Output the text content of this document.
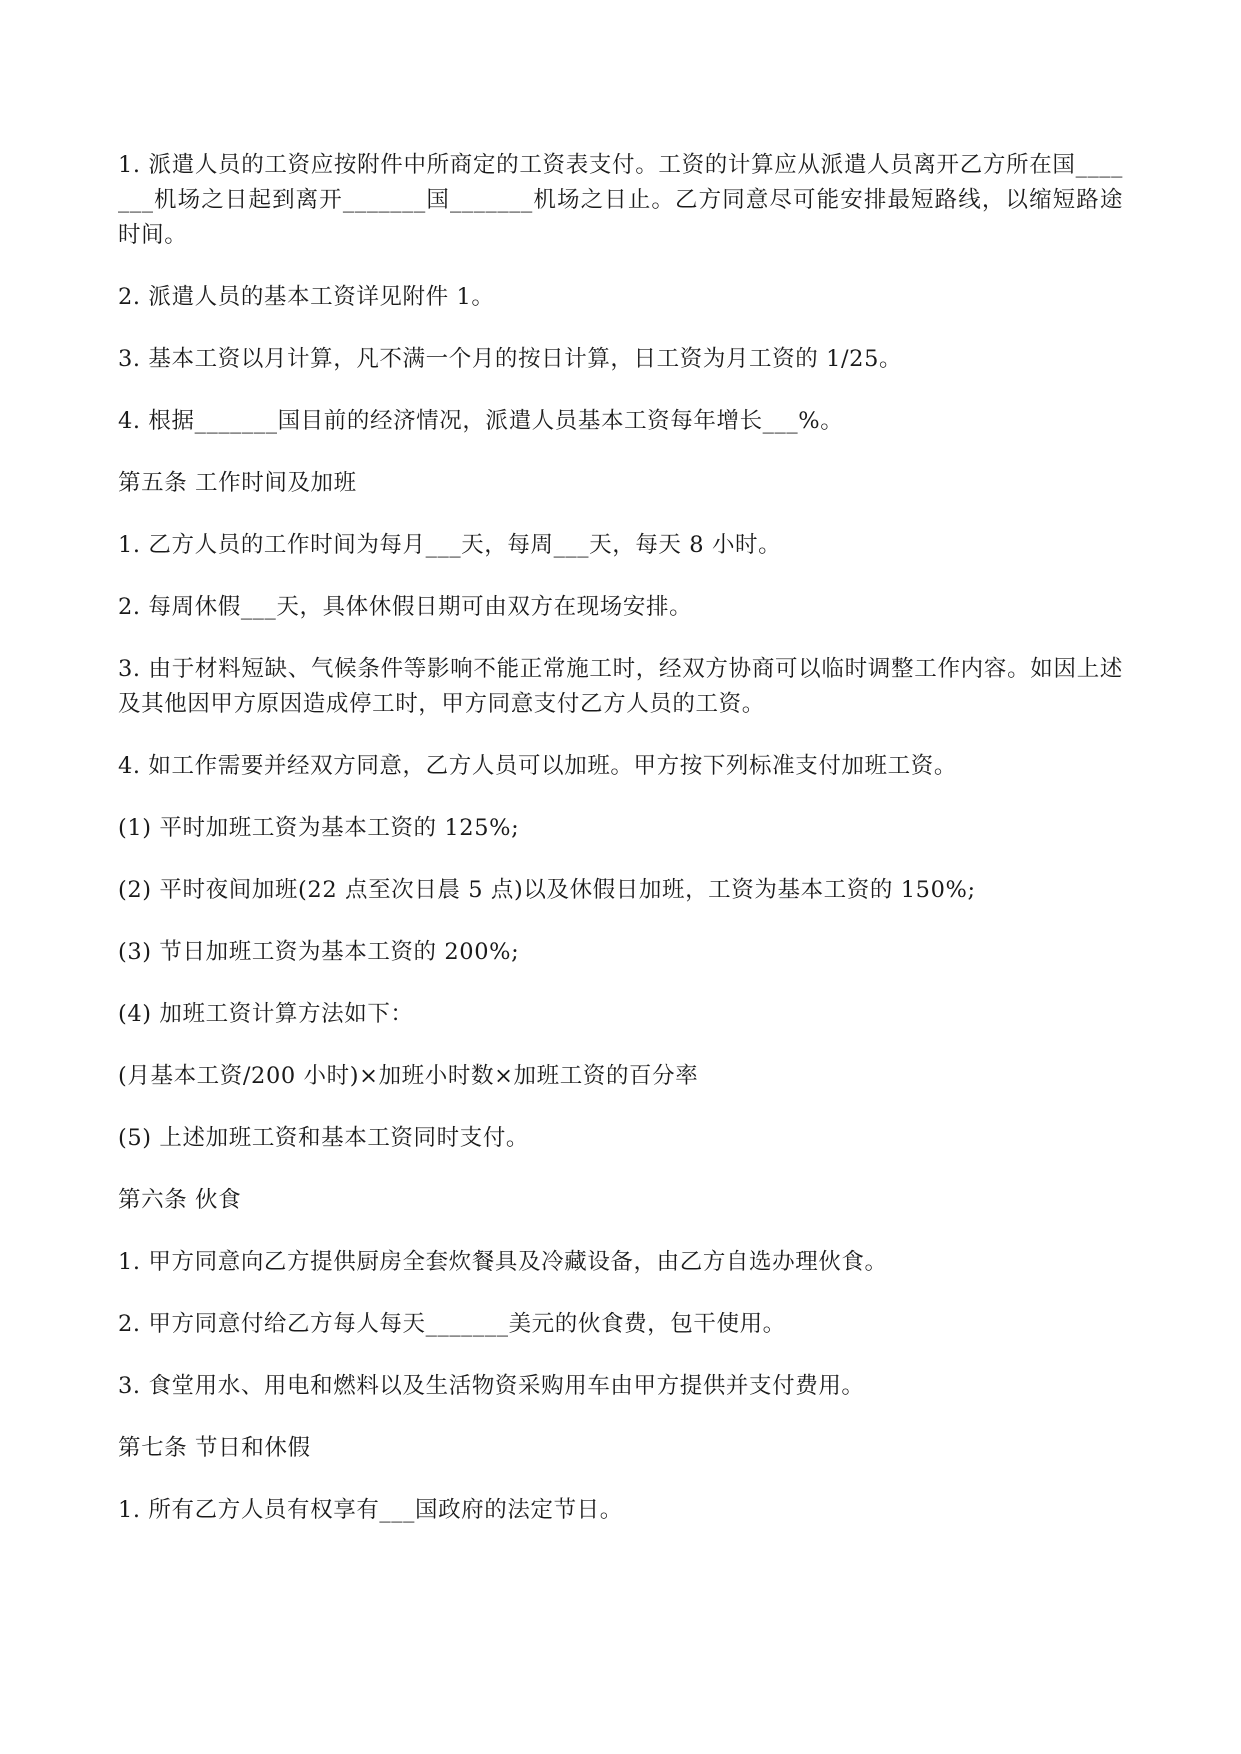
1. 派遣人员的工资应按附件中所商定的工资表支付。工资的计算应从派遣人员离开乙方所在国_______机场之日起到离开_______国_______机场之日止。乙方同意尽可能安排最短路线，以缩短路途时间。

2. 派遣人员的基本工资详见附件 1。

3. 基本工资以月计算，凡不满一个月的按日计算，日工资为月工资的 1/25。

4. 根据_______国目前的经济情况，派遣人员基本工资每年增长___%。

第五条 工作时间及加班

1. 乙方人员的工作时间为每月___天，每周___天，每天 8 小时。

2. 每周休假___天，具体休假日期可由双方在现场安排。

3. 由于材料短缺、气候条件等影响不能正常施工时，经双方协商可以临时调整工作内容。如因上述及其他因甲方原因造成停工时，甲方同意支付乙方人员的工资。

4. 如工作需要并经双方同意，乙方人员可以加班。甲方按下列标准支付加班工资。

(1) 平时加班工资为基本工资的 125%;

(2) 平时夜间加班(22 点至次日晨 5 点)以及休假日加班，工资为基本工资的 150%;

(3) 节日加班工资为基本工资的 200%;

(4) 加班工资计算方法如下：

(月基本工资/200 小时)×加班小时数×加班工资的百分率

(5) 上述加班工资和基本工资同时支付。

第六条 伙食

1. 甲方同意向乙方提供厨房全套炊餐具及冷藏设备，由乙方自选办理伙食。

2. 甲方同意付给乙方每人每天_______美元的伙食费，包干使用。

3. 食堂用水、用电和燃料以及生活物资采购用车由甲方提供并支付费用。

第七条 节日和休假

1. 所有乙方人员有权享有___国政府的法定节日。
